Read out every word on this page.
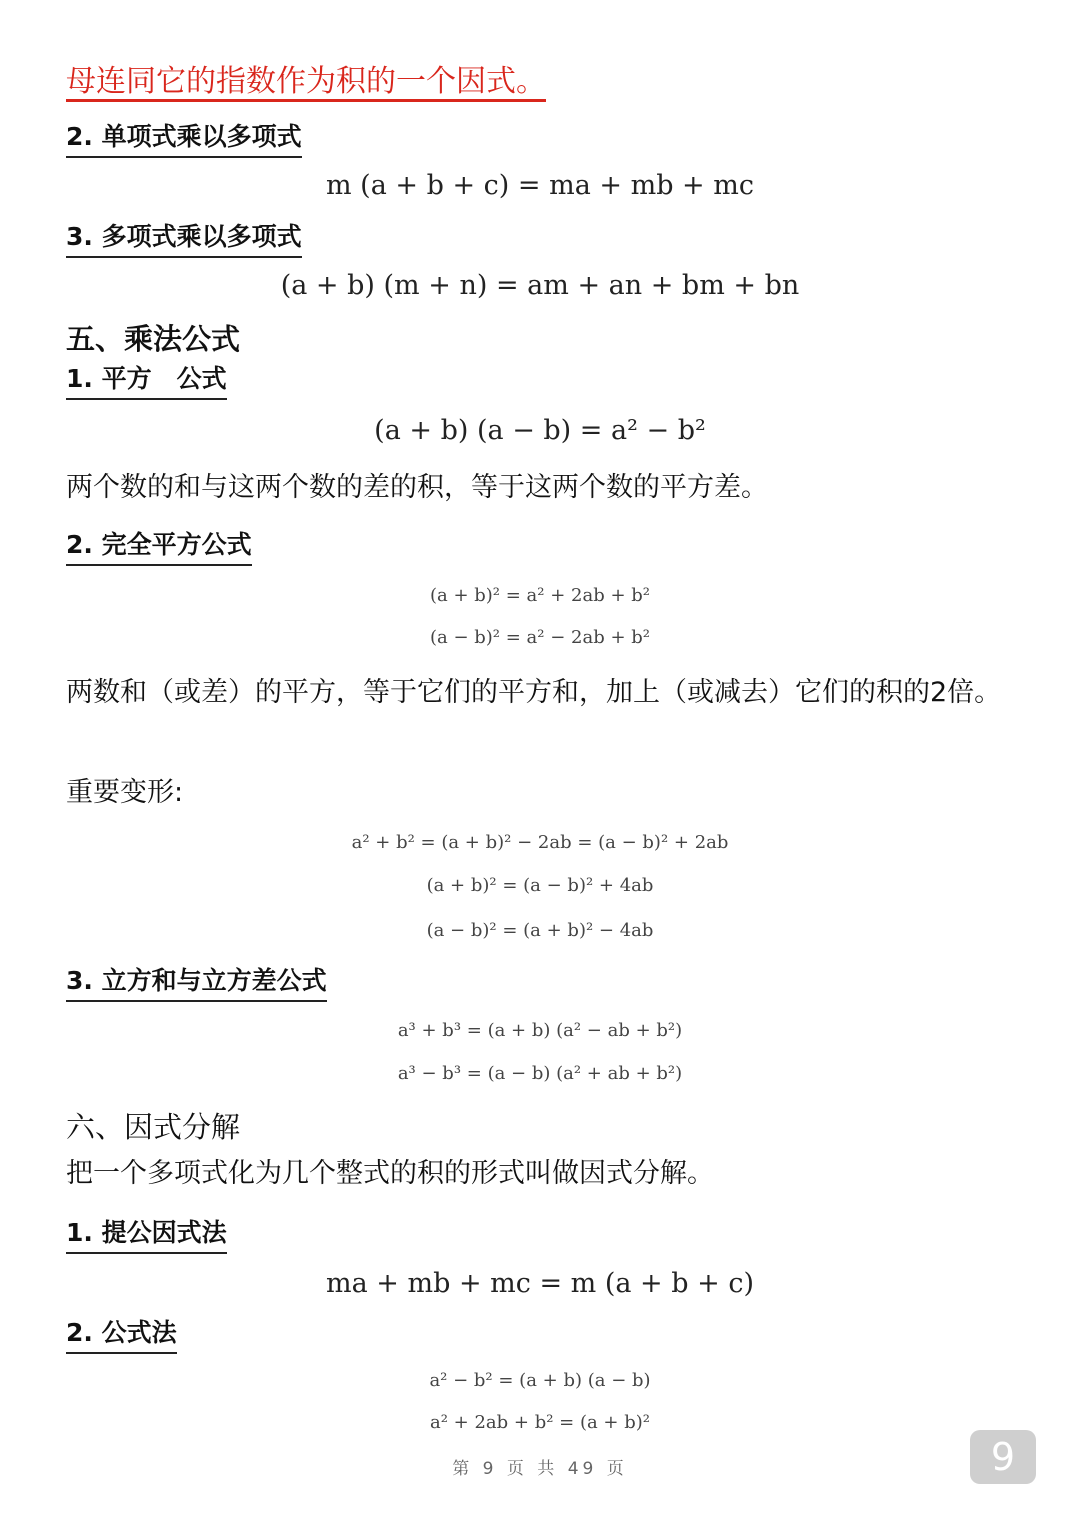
母连同它的指数作为积的一个因式。
2. 单项式乘以多项式
m (a + b + c) = ma + mb + mc
3. 多项式乘以多项式
(a + b) (m + n) = am + an + bm + bn
五、乘法公式
1. 平方　公式
(a + b) (a − b) = a² − b²
两个数的和与这两个数的差的积，等于这两个数的平方差。
2. 完全平方公式
(a + b)² = a² + 2ab + b²
(a − b)² = a² − 2ab + b²
两数和（或差）的平方，等于它们的平方和，加上（或减去）它们的积的2倍。
重要变形:
a² + b² = (a + b)² − 2ab = (a − b)² + 2ab
(a + b)² = (a − b)² + 4ab
(a − b)² = (a + b)² − 4ab
3. 立方和与立方差公式
a³ + b³ = (a + b) (a² − ab + b²)
a³ − b³ = (a − b) (a² + ab + b²)
六、因式分解
把一个多项式化为几个整式的积的形式叫做因式分解。
1. 提公因式法
ma + mb + mc = m (a + b + c)
2. 公式法
a² − b² = (a + b) (a − b)
a² + 2ab + b² = (a + b)²
第 9 页 共 49 页	9
